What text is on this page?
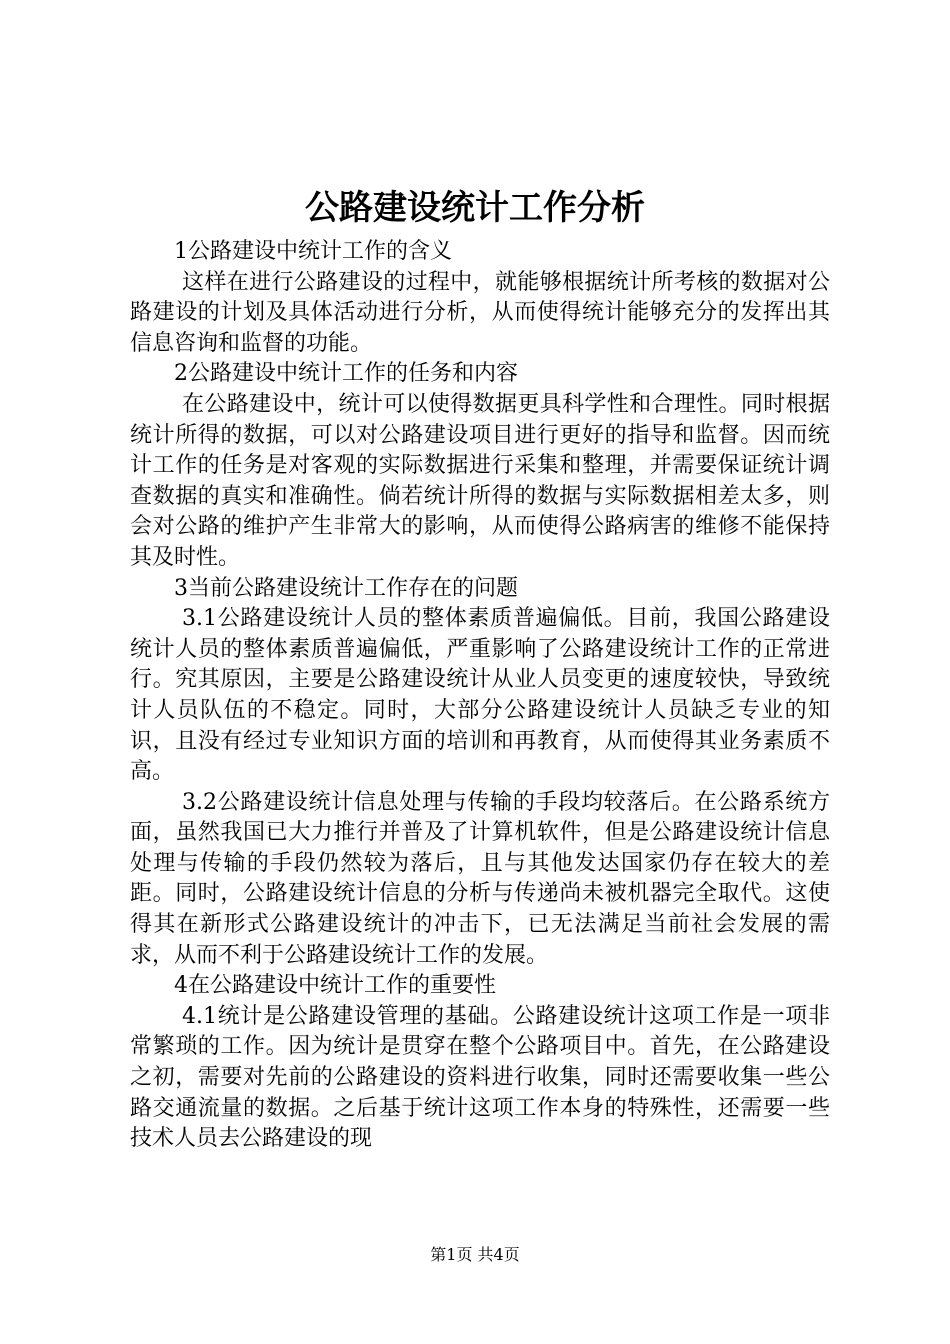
公路建设统计工作分析

1公路建设中统计工作的含义

这样在进行公路建设的过程中，就能够根据统计所考核的数据对公路建设的计划及具体活动进行分析，从而使得统计能够充分的发挥出其信息咨询和监督的功能。

2公路建设中统计工作的任务和内容

在公路建设中，统计可以使得数据更具科学性和合理性。同时根据统计所得的数据，可以对公路建设项目进行更好的指导和监督。因而统计工作的任务是对客观的实际数据进行采集和整理，并需要保证统计调查数据的真实和准确性。倘若统计所得的数据与实际数据相差太多，则会对公路的维护产生非常大的影响，从而使得公路病害的维修不能保持其及时性。

3当前公路建设统计工作存在的问题

3.1公路建设统计人员的整体素质普遍偏低。目前，我国公路建设统计人员的整体素质普遍偏低，严重影响了公路建设统计工作的正常进行。究其原因，主要是公路建设统计从业人员变更的速度较快，导致统计人员队伍的不稳定。同时，大部分公路建设统计人员缺乏专业的知识，且没有经过专业知识方面的培训和再教育，从而使得其业务素质不高。

3.2公路建设统计信息处理与传输的手段均较落后。在公路系统方面，虽然我国已大力推行并普及了计算机软件，但是公路建设统计信息处理与传输的手段仍然较为落后，且与其他发达国家仍存在较大的差距。同时，公路建设统计信息的分析与传递尚未被机器完全取代。这使得其在新形式公路建设统计的冲击下，已无法满足当前社会发展的需求，从而不利于公路建设统计工作的发展。

4在公路建设中统计工作的重要性

4.1统计是公路建设管理的基础。公路建设统计这项工作是一项非常繁琐的工作。因为统计是贯穿在整个公路项目中。首先，在公路建设之初，需要对先前的公路建设的资料进行收集，同时还需要收集一些公路交通流量的数据。之后基于统计这项工作本身的特殊性，还需要一些技术人员去公路建设的现

第1页 共4页
